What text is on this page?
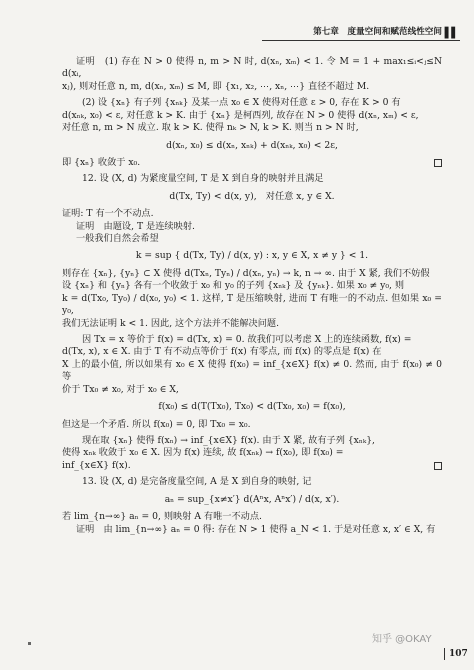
第七章　度量空间和赋范线性空间 ▌▌

证明　(1) 存在 N > 0 使得 n, m > N 时, d(xₙ, xₘ) < 1. 令 M = 1 + max₁≤ᵢ<ⱼ≤N d(xᵢ,

xⱼ), 则对任意 n, m, d(xₙ, xₘ) ≤ M, 即 {x₁, x₂, ⋯, xₙ, ⋯} 直径不超过 M.

(2) 设 {xₙ} 有子列 {xₙₖ} 及某一点 x₀ ∈ X 使得对任意 ε > 0, 存在 K > 0 有

d(xₙₖ, x₀) < ε, 对任意 k > K. 由于 {xₙ} 是柯西列, 故存在 N > 0 使得 d(xₙ, xₘ) < ε,

对任意 n, m > N 成立. 取 k > K. 使得 nₖ > N, k > K. 则当 n > N 时,

d(xₙ, x₀) ≤ d(xₙ, xₙₖ) + d(xₙₖ, x₀) < 2ε,

即 {xₙ} 收敛于 x₀.

12. 设 (X, d) 为紧度量空间, T 是 X 到自身的映射并且满足

d(Tx, Ty) < d(x, y),　对任意 x, y ∈ X.

证明: T 有一个不动点.

证明　由题设, T 是连续映射.

一般我们自然会希望

k = sup { d(Tx, Ty) / d(x, y) : x, y ∈ X, x ≠ y } < 1.

则存在 {xₙ}, {yₙ} ⊂ X 使得 d(Txₙ, Tyₙ) / d(xₙ, yₙ) → k, n → ∞. 由于 X 紧, 我们不妨假

设 {xₙ} 和 {yₙ} 各有一个收敛于 x₀ 和 y₀ 的子列 {xₙₖ} 及 {yₙₖ}. 如果 x₀ ≠ y₀, 则

k = d(Tx₀, Ty₀) / d(x₀, y₀) < 1. 这样, T 是压缩映射, 进而 T 有唯一的不动点. 但如果 x₀ = y₀,

我们无法证明 k < 1. 因此, 这个方法并不能解决问题.

因 Tx = x 等价于 f(x) = d(Tx, x) = 0. 故我们可以考虑 X 上的连续函数, f(x) =

d(Tx, x), x ∈ X. 由于 T 有不动点等价于 f(x) 有零点, 而 f(x) 的零点是 f(x) 在

X 上的最小值, 所以如果有 x₀ ∈ X 使得 f(x₀) = inf_{x∈X} f(x) ≠ 0. 然而, 由于 f(x₀) ≠ 0 等

价于 Tx₀ ≠ x₀, 对于 x₀ ∈ X,

f(x₀) ≤ d(T(Tx₀), Tx₀) < d(Tx₀, x₀) = f(x₀),

但这是一个矛盾. 所以 f(x₀) = 0, 即 Tx₀ = x₀.

现在取 {xₙ} 使得 f(xₙ) → inf_{x∈X} f(x). 由于 X 紧, 故有子列 {xₙₖ},

使得 xₙₖ 收敛于 x₀ ∈ X. 因为 f(x) 连续, 故 f(xₙₖ) → f(x₀), 即 f(x₀) =

inf_{x∈X} f(x).

13. 设 (X, d) 是完备度量空间, A 是 X 到自身的映射, 记

aₙ = sup_{x≠x′} d(Aⁿx, Aⁿx′) / d(x, x′).

若 lim_{n→∞} aₙ = 0, 则映射 A 有唯一不动点.

证明　由 lim_{n→∞} aₙ = 0 得: 存在 N > 1 使得 a_N < 1. 于是对任意 x, x′ ∈ X, 有

知乎 @OKAY
107
